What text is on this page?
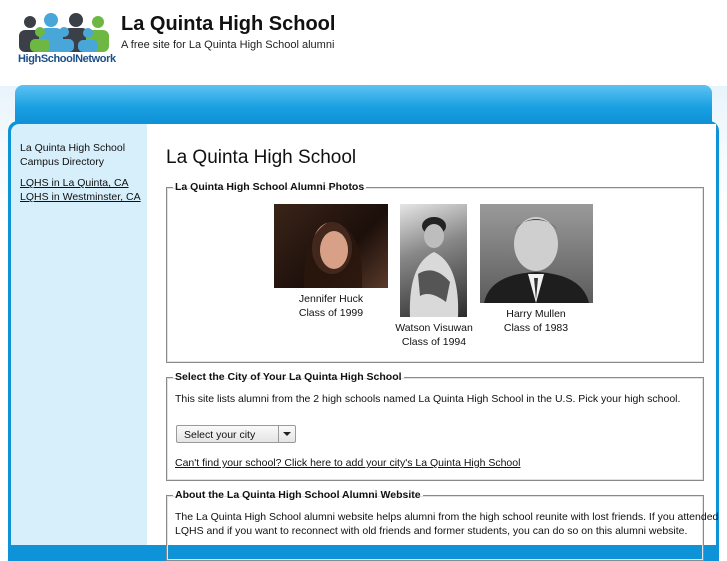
HighSchoolNetwork
La Quinta High School
A free site for La Quinta High School alumni
La Quinta High School
Campus Directory
LQHS in La Quinta, CA
LQHS in Westminster, CA
La Quinta High School
La Quinta High School Alumni Photos
Jennifer Huck
Class of 1999
Watson Visuwan
Class of 1994
Harry Mullen
Class of 1983
Select the City of Your La Quinta High School
This site lists alumni from the 2 high schools named La Quinta High School in the U.S. Pick your high school.
Select your city
Can't find your school? Click here to add your city's La Quinta High School
About the La Quinta High School Alumni Website
The La Quinta High School alumni website helps alumni from the high school reunite with lost friends. If you attended
LQHS and if you want to reconnect with old friends and former students, you can do so on this alumni website.
